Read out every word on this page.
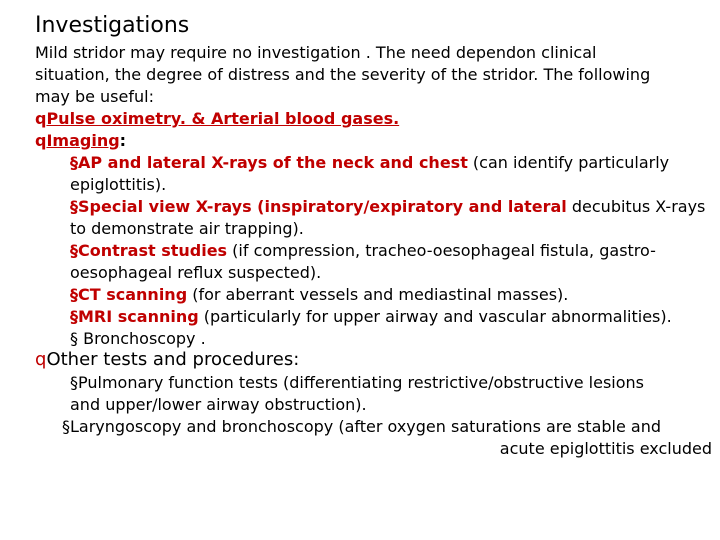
Investigations
Mild stridor may require no investigation . The need dependon clinical
situation, the degree of distress and the severity of the stridor. The following
may be useful:
qPulse oximetry. & Arterial blood gases.
qImaging:
§AP and lateral X-rays of the neck and chest (can identify particularly
epiglottitis).
§Special view X-rays (inspiratory/expiratory and lateral decubitus X-rays
to demonstrate air trapping).
§Contrast studies (if compression, tracheo-oesophageal fistula, gastro-
oesophageal reflux suspected).
§CT scanning (for aberrant vessels and mediastinal masses).
§MRI scanning (particularly for upper airway and vascular abnormalities).
§ Bronchoscopy .
qOther tests and procedures:
§Pulmonary function tests (differentiating restrictive/obstructive lesions
and upper/lower airway obstruction).
§Laryngoscopy and bronchoscopy (after oxygen saturations are stable and
acute epiglottitis excluded
